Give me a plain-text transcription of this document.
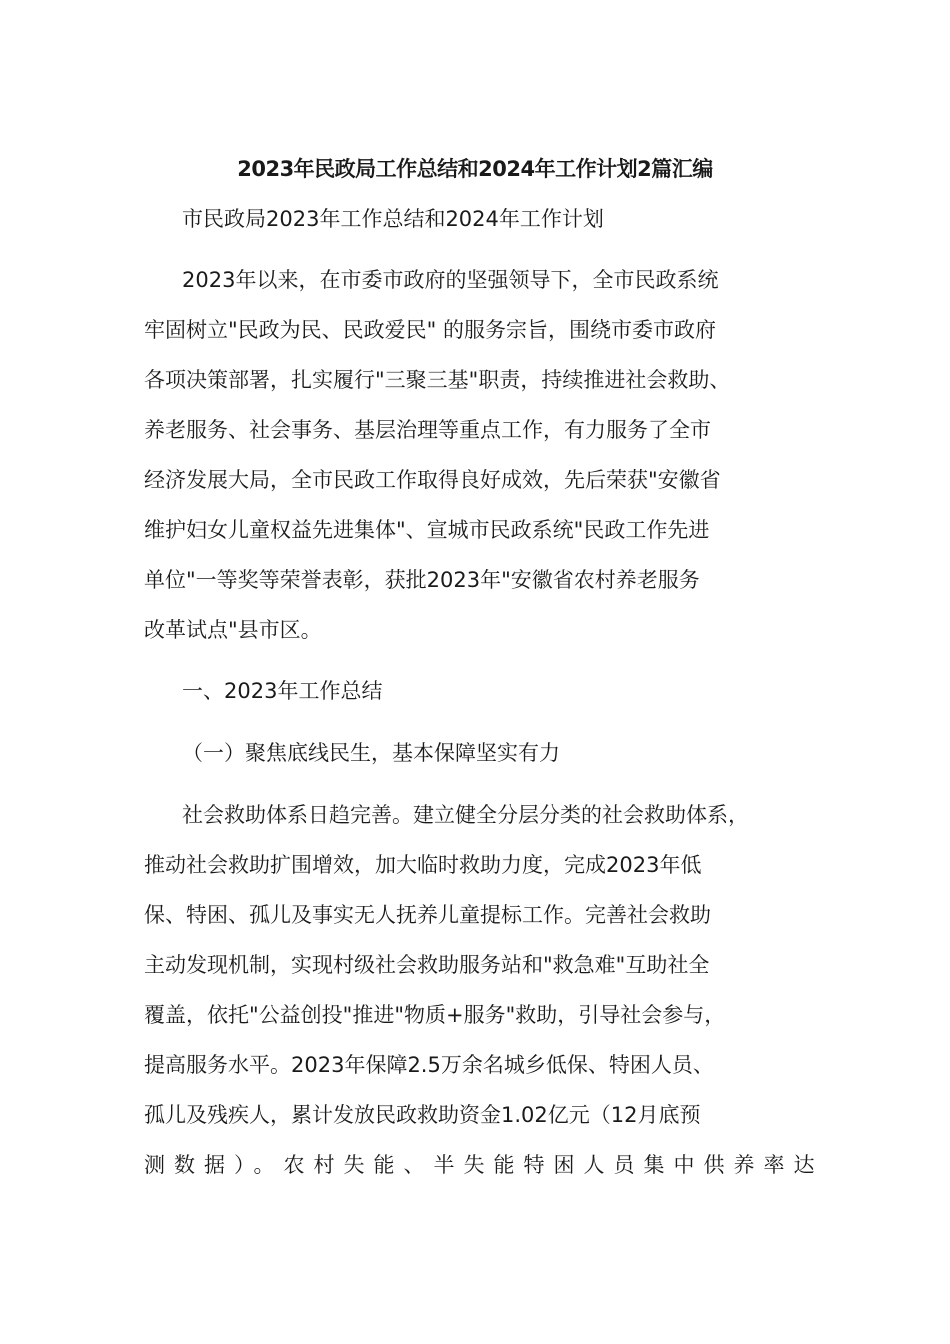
2023年民政局工作总结和2024年工作计划2篇汇编
市民政局2023年工作总结和2024年工作计划
2023年以来，在市委市政府的坚强领导下，全市民政系统
牢固树立"民政为民、民政爱民" 的服务宗旨，围绕市委市政府
各项决策部署，扎实履行"三聚三基"职责，持续推进社会救助、
养老服务、社会事务、基层治理等重点工作，有力服务了全市
经济发展大局，全市民政工作取得良好成效，先后荣获"安徽省
维护妇女儿童权益先进集体"、宣城市民政系统"民政工作先进
单位"一等奖等荣誉表彰，获批2023年"安徽省农村养老服务
改革试点"县市区。
一、2023年工作总结
（一）聚焦底线民生，基本保障坚实有力
社会救助体系日趋完善。建立健全分层分类的社会救助体系，
推动社会救助扩围增效，加大临时救助力度，完成2023年低
保、特困、孤儿及事实无人抚养儿童提标工作。完善社会救助
主动发现机制，实现村级社会救助服务站和"救急难"互助社全
覆盖，依托"公益创投"推进"物质+服务"救助，引导社会参与，
提高服务水平。2023年保障2.5万余名城乡低保、特困人员、
孤儿及残疾人，累计发放民政救助资金1.02亿元（12月底预
测数据）。农村失能、半失能特困人员集中供养率达
